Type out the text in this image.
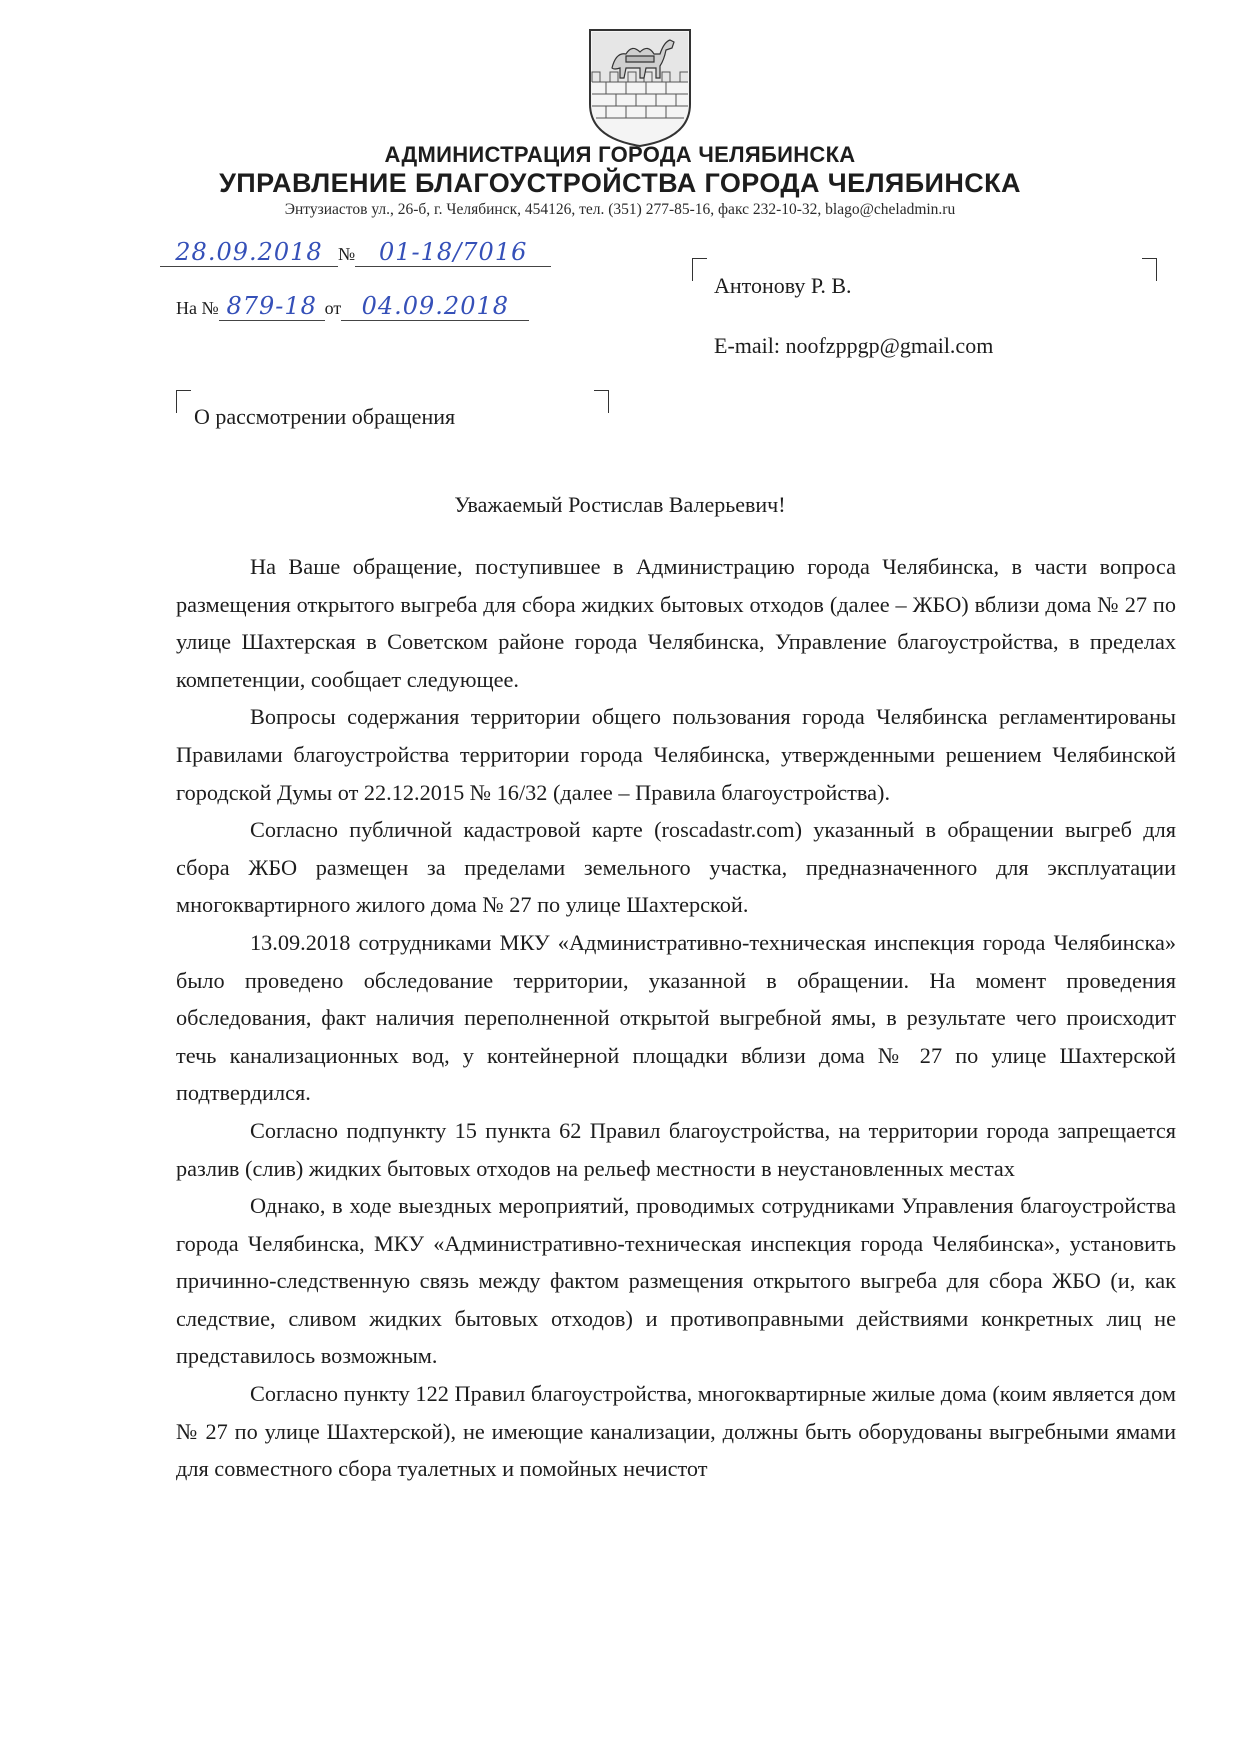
АДМИНИСТРАЦИЯ ГОРОДА ЧЕЛЯБИНСКА
УПРАВЛЕНИЕ БЛАГОУСТРОЙСТВА ГОРОДА ЧЕЛЯБИНСКА
Энтузиастов ул., 26-б, г. Челябинск, 454126, тел. (351) 277-85-16, факс 232-10-32, blago@cheladmin.ru
28.09.2018 № 01-18/7016
На № 879-18 от 04.09.2018
Антонову Р. В.
E-mail: noofzppgp@gmail.com
О рассмотрении обращения
Уважаемый Ростислав Валерьевич!

На Ваше обращение, поступившее в Администрацию города Челябинска, в части вопроса размещения открытого выгреба для сбора жидких бытовых отходов (далее – ЖБО) вблизи дома № 27 по улице Шахтерская в Советском районе города Челябинска, Управление благоустройства, в пределах компетенции, сообщает следующее.

Вопросы содержания территории общего пользования города Челябинска регламентированы Правилами благоустройства территории города Челябинска, утвержденными решением Челябинской городской Думы от 22.12.2015 № 16/32 (далее – Правила благоустройства).

Согласно публичной кадастровой карте (roscadastr.com) указанный в обращении выгреб для сбора ЖБО размещен за пределами земельного участка, предназначенного для эксплуатации многоквартирного жилого дома № 27 по улице Шахтерской.

13.09.2018 сотрудниками МКУ «Административно-техническая инспекция города Челябинска» было проведено обследование территории, указанной в обращении. На момент проведения обследования, факт наличия переполненной открытой выгребной ямы, в результате чего происходит течь канализационных вод, у контейнерной площадки вблизи дома № 27 по улице Шахтерской подтвердился.

Согласно подпункту 15 пункта 62 Правил благоустройства, на территории города запрещается разлив (слив) жидких бытовых отходов на рельеф местности в неустановленных местах

Однако, в ходе выездных мероприятий, проводимых сотрудниками Управления благоустройства города Челябинска, МКУ «Административно-техническая инспекция города Челябинска», установить причинно-следственную связь между фактом размещения открытого выгреба для сбора ЖБО (и, как следствие, сливом жидких бытовых отходов) и противоправными действиями конкретных лиц не представилось возможным.

Согласно пункту 122 Правил благоустройства, многоквартирные жилые дома (коим является дом № 27 по улице Шахтерской), не имеющие канализации, должны быть оборудованы выгребными ямами для совместного сбора туалетных и помойных нечистот
